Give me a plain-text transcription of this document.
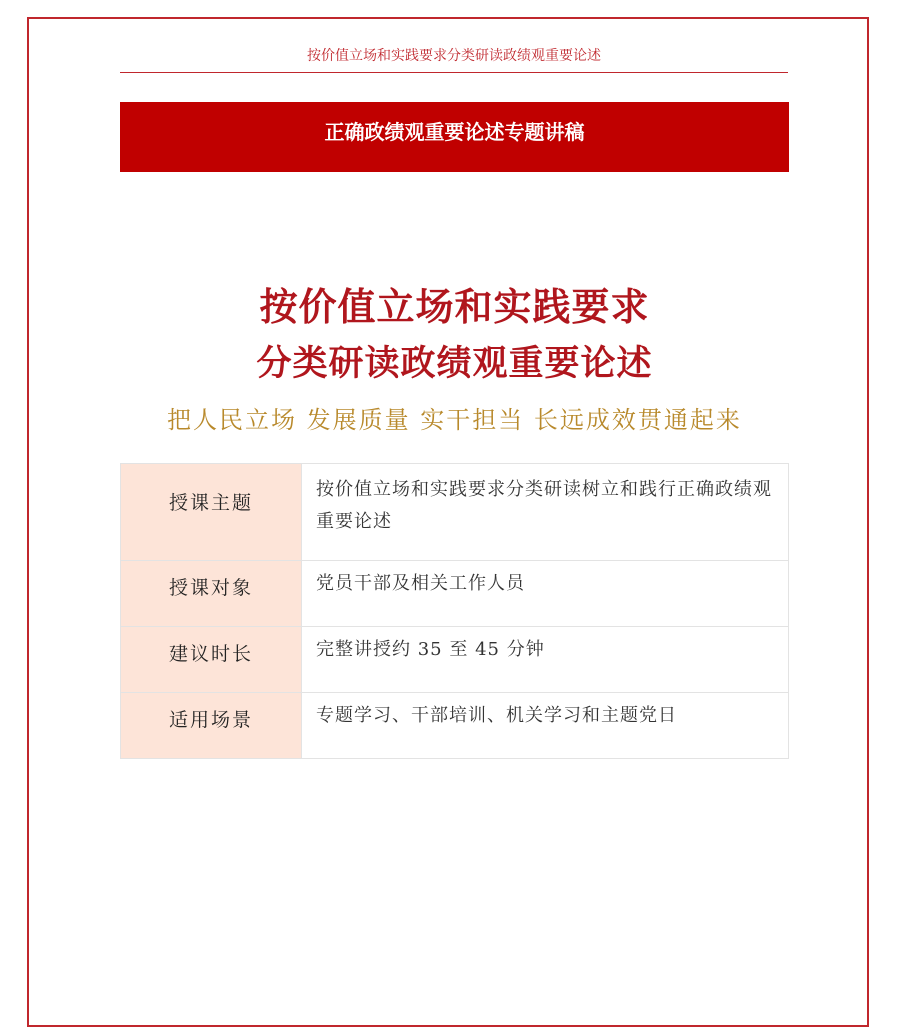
按价值立场和实践要求分类研读政绩观重要论述
正确政绩观重要论述专题讲稿
按价值立场和实践要求
分类研读政绩观重要论述
把人民立场 发展质量 实干担当 长远成效贯通起来
授课主题	按价值立场和实践要求分类研读树立和践行正确政绩观重要论述
授课对象	党员干部及相关工作人员
建议时长	完整讲授约 35 至 45 分钟
适用场景	专题学习、干部培训、机关学习和主题党日
